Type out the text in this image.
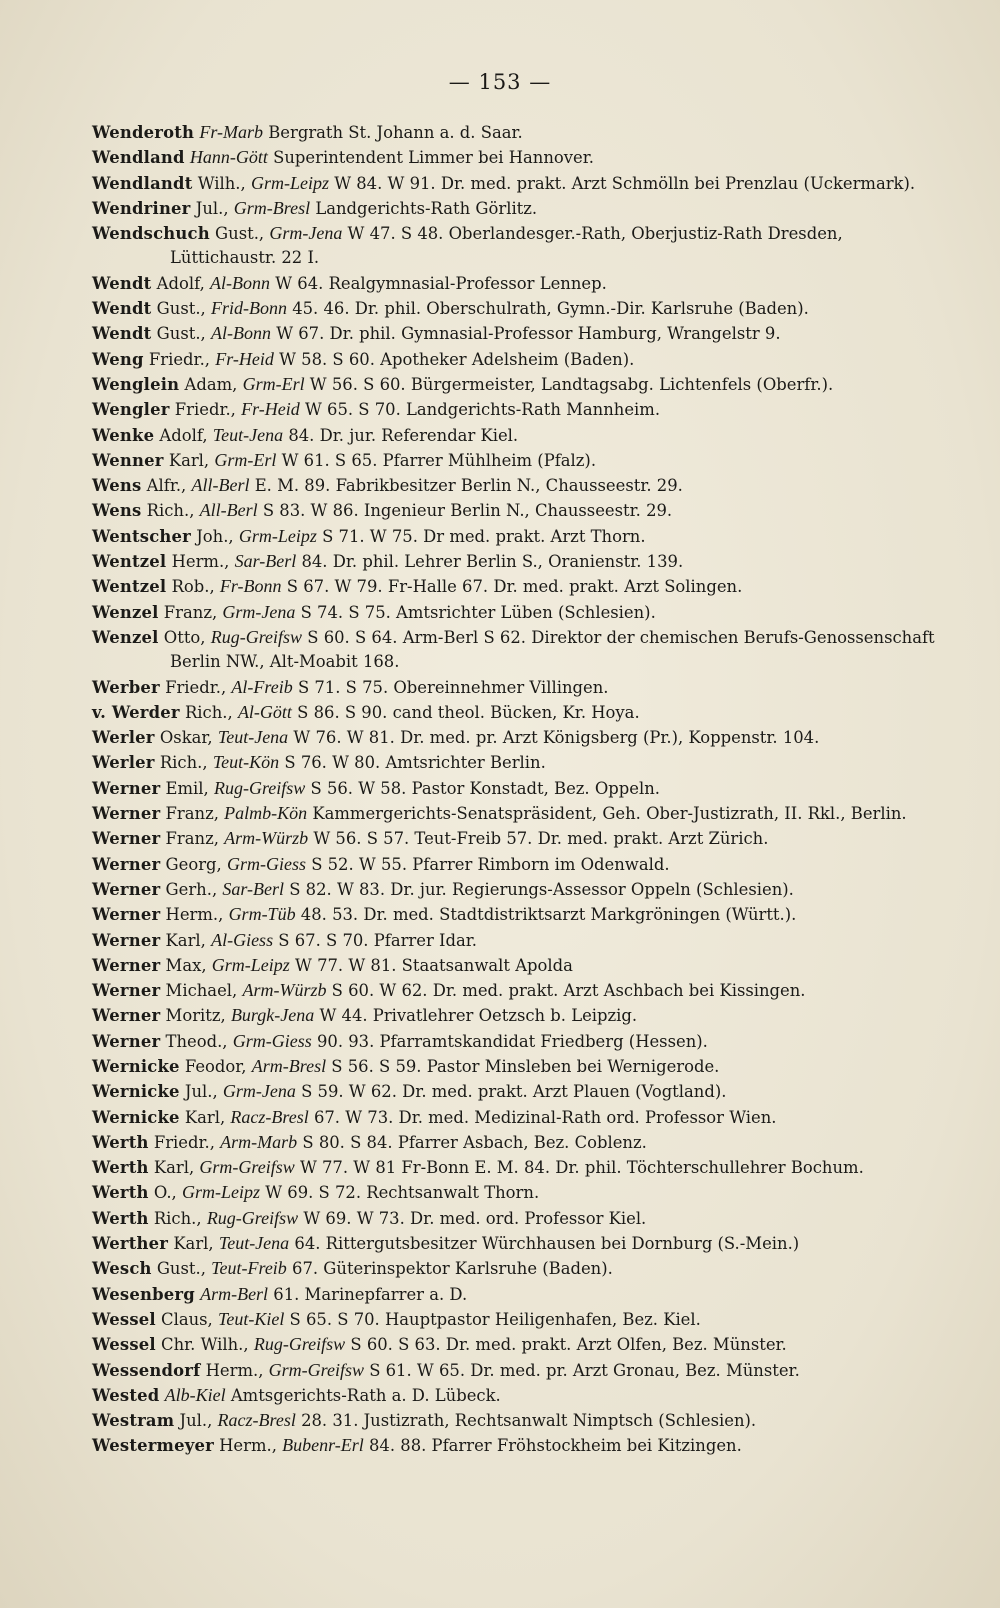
— 153 —
Wenderoth Fr-Marb Bergrath St. Johann a. d. Saar.
Wendland Hann-Gött Superintendent Limmer bei Hannover.
Wendlandt Wilh., Grm-Leipz W 84. W 91. Dr. med. prakt. Arzt Schmölln bei Prenzlau (Uckermark).
Wendriner Jul., Grm-Bresl Landgerichts-Rath Görlitz.
Wendschuch Gust., Grm-Jena W 47. S 48. Oberlandesger.-Rath, Oberjustiz-Rath Dresden, Lüttichaustr. 22 I.
Wendt Adolf, Al-Bonn W 64. Realgymnasial-Professor Lennep.
Wendt Gust., Frid-Bonn 45. 46. Dr. phil. Oberschulrath, Gymn.-Dir. Karlsruhe (Baden).
Wendt Gust., Al-Bonn W 67. Dr. phil. Gymnasial-Professor Hamburg, Wrangelstr 9.
Weng Friedr., Fr-Heid W 58. S 60. Apotheker Adelsheim (Baden).
Wenglein Adam, Grm-Erl W 56. S 60. Bürgermeister, Landtagsabg. Lichtenfels (Oberfr.).
Wengler Friedr., Fr-Heid W 65. S 70. Landgerichts-Rath Mannheim.
Wenke Adolf, Teut-Jena 84. Dr. jur. Referendar Kiel.
Wenner Karl, Grm-Erl W 61. S 65. Pfarrer Mühlheim (Pfalz).
Wens Alfr., All-Berl E. M. 89. Fabrikbesitzer Berlin N., Chausseestr. 29.
Wens Rich., All-Berl S 83. W 86. Ingenieur Berlin N., Chausseestr. 29.
Wentscher Joh., Grm-Leipz S 71. W 75. Dr med. prakt. Arzt Thorn.
Wentzel Herm., Sar-Berl 84. Dr. phil. Lehrer Berlin S., Oranienstr. 139.
Wentzel Rob., Fr-Bonn S 67. W 79. Fr-Halle 67. Dr. med. prakt. Arzt Solingen.
Wenzel Franz, Grm-Jena S 74. S 75. Amtsrichter Lüben (Schlesien).
Wenzel Otto, Rug-Greifsw S 60. S 64. Arm-Berl S 62. Direktor der chemischen Berufs-Genossenschaft Berlin NW., Alt-Moabit 168.
Werber Friedr., Al-Freib S 71. S 75. Obereinnehmer Villingen.
v. Werder Rich., Al-Gött S 86. S 90. cand theol. Bücken, Kr. Hoya.
Werler Oskar, Teut-Jena W 76. W 81. Dr. med. pr. Arzt Königsberg (Pr.), Koppenstr. 104.
Werler Rich., Teut-Kön S 76. W 80. Amtsrichter Berlin.
Werner Emil, Rug-Greifsw S 56. W 58. Pastor Konstadt, Bez. Oppeln.
Werner Franz, Palmb-Kön Kammergerichts-Senatspräsident, Geh. Ober-Justizrath, II. Rkl., Berlin.
Werner Franz, Arm-Würzb W 56. S 57. Teut-Freib 57. Dr. med. prakt. Arzt Zürich.
Werner Georg, Grm-Giess S 52. W 55. Pfarrer Rimborn im Odenwald.
Werner Gerh., Sar-Berl S 82. W 83. Dr. jur. Regierungs-Assessor Oppeln (Schlesien).
Werner Herm., Grm-Tüb 48. 53. Dr. med. Stadtdistriktsarzt Markgröningen (Württ.).
Werner Karl, Al-Giess S 67. S 70. Pfarrer Idar.
Werner Max, Grm-Leipz W 77. W 81. Staatsanwalt Apolda
Werner Michael, Arm-Würzb S 60. W 62. Dr. med. prakt. Arzt Aschbach bei Kissingen.
Werner Moritz, Burgk-Jena W 44. Privatlehrer Oetzsch b. Leipzig.
Werner Theod., Grm-Giess 90. 93. Pfarramtskandidat Friedberg (Hessen).
Wernicke Feodor, Arm-Bresl S 56. S 59. Pastor Minsleben bei Wernigerode.
Wernicke Jul., Grm-Jena S 59. W 62. Dr. med. prakt. Arzt Plauen (Vogtland).
Wernicke Karl, Racz-Bresl 67. W 73. Dr. med. Medizinal-Rath ord. Professor Wien.
Werth Friedr., Arm-Marb S 80. S 84. Pfarrer Asbach, Bez. Coblenz.
Werth Karl, Grm-Greifsw W 77. W 81 Fr-Bonn E. M. 84. Dr. phil. Töchterschullehrer Bochum.
Werth O., Grm-Leipz W 69. S 72. Rechtsanwalt Thorn.
Werth Rich., Rug-Greifsw W 69. W 73. Dr. med. ord. Professor Kiel.
Werther Karl, Teut-Jena 64. Rittergutsbesitzer Würchhausen bei Dornburg (S.-Mein.)
Wesch Gust., Teut-Freib 67. Güterinspektor Karlsruhe (Baden).
Wesenberg Arm-Berl 61. Marinepfarrer a. D.
Wessel Claus, Teut-Kiel S 65. S 70. Hauptpastor Heiligenhafen, Bez. Kiel.
Wessel Chr. Wilh., Rug-Greifsw S 60. S 63. Dr. med. prakt. Arzt Olfen, Bez. Münster.
Wessendorf Herm., Grm-Greifsw S 61. W 65. Dr. med. pr. Arzt Gronau, Bez. Münster.
Wested Alb-Kiel Amtsgerichts-Rath a. D. Lübeck.
Westram Jul., Racz-Bresl 28. 31. Justizrath, Rechtsanwalt Nimptsch (Schlesien).
Westermeyer Herm., Bubenr-Erl 84. 88. Pfarrer Fröhstockheim bei Kitzingen.
